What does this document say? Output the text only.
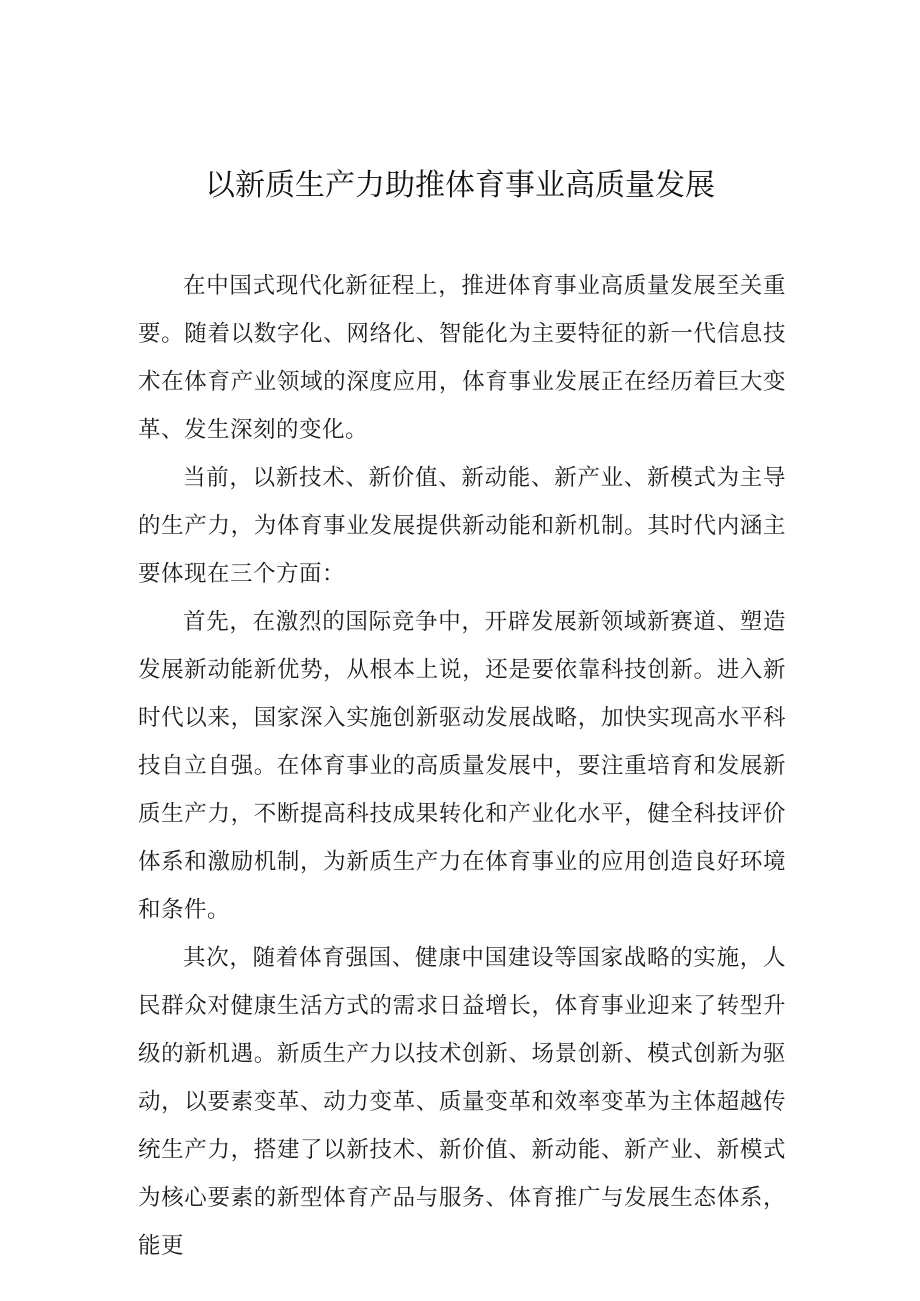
以新质生产力助推体育事业高质量发展

在中国式现代化新征程上，推进体育事业高质量发展至关重要。随着以数字化、网络化、智能化为主要特征的新一代信息技术在体育产业领域的深度应用，体育事业发展正在经历着巨大变革、发生深刻的变化。

当前，以新技术、新价值、新动能、新产业、新模式为主导的生产力，为体育事业发展提供新动能和新机制。其时代内涵主要体现在三个方面：

首先，在激烈的国际竞争中，开辟发展新领域新赛道、塑造发展新动能新优势，从根本上说，还是要依靠科技创新。进入新时代以来，国家深入实施创新驱动发展战略，加快实现高水平科技自立自强。在体育事业的高质量发展中，要注重培育和发展新质生产力，不断提高科技成果转化和产业化水平，健全科技评价体系和激励机制，为新质生产力在体育事业的应用创造良好环境和条件。

其次，随着体育强国、健康中国建设等国家战略的实施，人民群众对健康生活方式的需求日益增长，体育事业迎来了转型升级的新机遇。新质生产力以技术创新、场景创新、模式创新为驱动，以要素变革、动力变革、质量变革和效率变革为主体超越传统生产力，搭建了以新技术、新价值、新动能、新产业、新模式为核心要素的新型体育产品与服务、体育推广与发展生态体系，能更
